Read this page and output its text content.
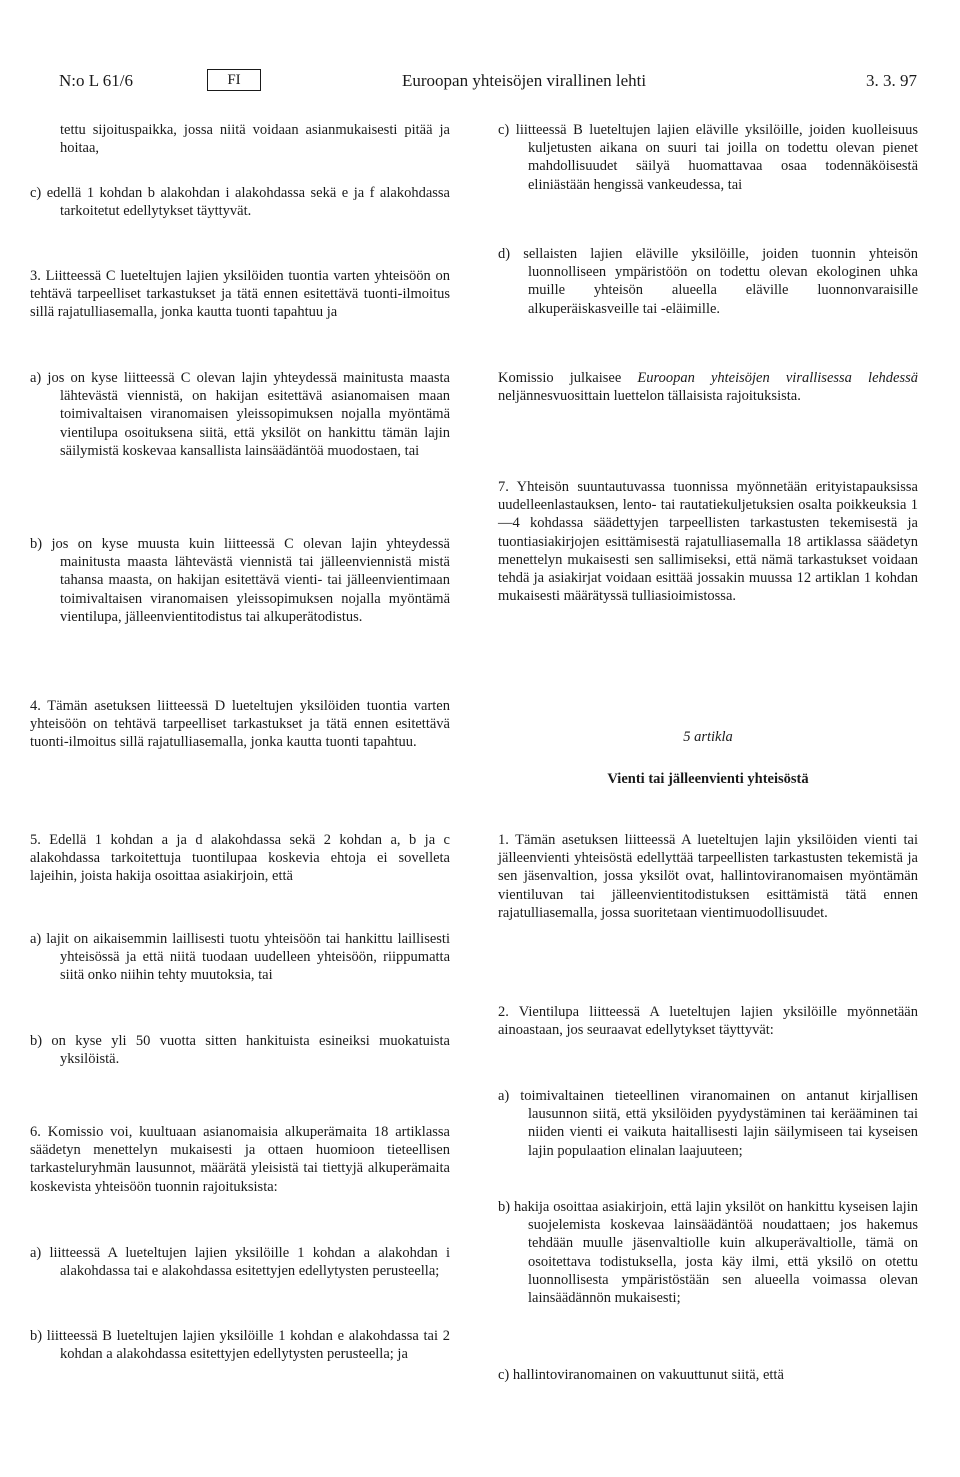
N:o L 61/6	FI	Euroopan yhteisöjen virallinen lehti	3. 3. 97

tettu sijoituspaikka, jossa niitä voidaan asianmukaisesti pitää ja hoitaa,

c) edellä 1 kohdan b alakohdan i alakohdassa sekä e ja f alakohdassa tarkoitetut edellytykset täyttyvät.

3. Liitteessä C lueteltujen lajien yksilöiden tuontia varten yhteisöön on tehtävä tarpeelliset tarkastukset ja tätä ennen esitettävä tuonti-ilmoitus sillä rajatulliasemalla, jonka kautta tuonti tapahtuu ja

a) jos on kyse liitteessä C olevan lajin yhteydessä mainitusta maasta lähtevästä viennistä, on hakijan esitettävä asianomaisen maan toimivaltaisen viranomaisen yleissopimuksen nojalla myöntämä vientilupa osoituksena siitä, että yksilöt on hankittu tämän lajin säilymistä koskevaa kansallista lainsäädäntöä muodostaen, tai

b) jos on kyse muusta kuin liitteessä C olevan lajin yhteydessä mainitusta maasta lähtevästä viennistä tai jälleenviennistä mistä tahansa maasta, on hakijan esitettävä vienti- tai jälleenvientimaan toimivaltaisen viranomaisen yleissopimuksen nojalla myöntämä vientilupa, jälleenvientitodistus tai alkuperätodistus.

4. Tämän asetuksen liitteessä D lueteltujen yksilöiden tuontia varten yhteisöön on tehtävä tarpeelliset tarkastukset ja tätä ennen esitettävä tuonti-ilmoitus sillä rajatulliasemalla, jonka kautta tuonti tapahtuu.

5. Edellä 1 kohdan a ja d alakohdassa sekä 2 kohdan a, b ja c alakohdassa tarkoitettuja tuontilupaa koskevia ehtoja ei sovelleta lajeihin, joista hakija osoittaa asiakirjoin, että

a) lajit on aikaisemmin laillisesti tuotu yhteisöön tai hankittu laillisesti yhteisössä ja että niitä tuodaan uudelleen yhteisöön, riippumatta siitä onko niihin tehty muutoksia, tai

b) on kyse yli 50 vuotta sitten hankituista esineiksi muokatuista yksilöistä.

6. Komissio voi, kuultuaan asianomaisia alkuperämaita 18 artiklassa säädetyn menettelyn mukaisesti ja ottaen huomioon tieteellisen tarkasteluryhmän lausunnot, määrätä yleisistä tai tiettyjä alkuperämaita koskevista yhteisöön tuonnin rajoituksista:

a) liitteessä A lueteltujen lajien yksilöille 1 kohdan a alakohdan i alakohdassa tai e alakohdassa esitettyjen edellytysten perusteella;

b) liitteessä B lueteltujen lajien yksilöille 1 kohdan e alakohdassa tai 2 kohdan a alakohdassa esitettyjen edellytysten perusteella; ja

c) liitteessä B lueteltujen lajien eläville yksilöille, joiden kuolleisuus kuljetusten aikana on suuri tai joilla on todettu olevan pienet mahdollisuudet säilyä huomattavaa osaa todennäköisestä eliniästään hengissä vankeudessa, tai

d) sellaisten lajien eläville yksilöille, joiden tuonnin yhteisön luonnolliseen ympäristöön on todettu olevan ekologinen uhka muille yhteisön alueella eläville luonnonvaraisille alkuperäiskasveille tai -eläimille.

Komissio julkaisee Euroopan yhteisöjen virallisessa lehdessä neljännesvuosittain luettelon tällaisista rajoituksista.

7. Yhteisön suuntautuvassa tuonnissa myönnetään erityistapauksissa uudelleenlastauksen, lento- tai rautatiekuljetuksien osalta poikkeuksia 1—4 kohdassa säädettyjen tarpeellisten tarkastusten tekemisestä ja tuontiasiakirjojen esittämisestä rajatulliasemalla 18 artiklassa säädetyn menettelyn mukaisesti sen sallimiseksi, että nämä tarkastukset voidaan tehdä ja asiakirjat voidaan esittää jossakin muussa 12 artiklan 1 kohdan mukaisesti määrätyssä tulliasioimistossa.

5 artikla

Vienti tai jälleenvienti yhteisöstä

1. Tämän asetuksen liitteessä A lueteltujen lajin yksilöiden vienti tai jälleenvienti yhteisöstä edellyttää tarpeellisten tarkastusten tekemistä ja sen jäsenvaltion, jossa yksilöt ovat, hallintoviranomaisen myöntämän vientiluvan tai jälleenvientitodistuksen esittämistä tätä ennen rajatulliasemalla, jossa suoritetaan vientimuodollisuudet.

2. Vientilupa liitteessä A lueteltujen lajien yksilöille myönnetään ainoastaan, jos seuraavat edellytykset täyttyvät:

a) toimivaltainen tieteellinen viranomainen on antanut kirjallisen lausunnon siitä, että yksilöiden pyydystäminen tai kerääminen tai niiden vienti ei vaikuta haitallisesti lajin säilymiseen tai kyseisen lajin populaation elinalan laajuuteen;

b) hakija osoittaa asiakirjoin, että lajin yksilöt on hankittu kyseisen lajin suojelemista koskevaa lainsäädäntöä noudattaen; jos hakemus tehdään muulle jäsenvaltiolle kuin alkuperävaltiolle, tämä on osoitettava todistuksella, josta käy ilmi, että yksilö on otettu luonnollisesta ympäristöstään sen alueella voimassa olevan lainsäädännön mukaisesti;

c) hallintoviranomainen on vakuuttunut siitä, että
